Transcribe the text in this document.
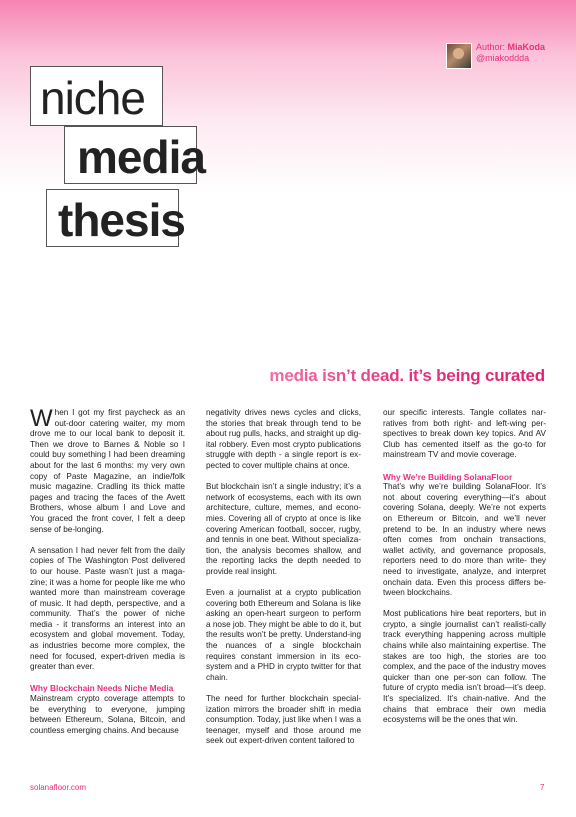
Author: MiaKoda
@miakoddda
niche
media
thesis
media isn’t dead. it’s being curated

When I got my first paycheck as an out-door catering waiter, my mom drove me to our local bank to deposit it. Then we drove to Barnes & Noble so I could buy something I had been dreaming about for the last 6 months: my very own copy of Paste Magazine, an indie/folk music magazine. Cradling its thick matte pages and tracing the faces of the Avett Brothers, whose album I and Love and You graced the front cover, I felt a deep sense of be-longing.

A sensation I had never felt from the daily copies of The Washington Post delivered to our house. Paste wasn’t just a maga-zine; it was a home for people like me who wanted more than mainstream coverage of music. It had depth, perspective, and a community. That’s the power of niche media - it transforms an interest into an ecosystem and global movement. Today, as industries become more complex, the need for focused, expert-driven media is greater than ever.

Why Blockchain Needs Niche Media

Mainstream crypto coverage attempts to be everything to everyone, jumping between Ethereum, Solana, Bitcoin, and countless emerging chains. And because

negativity drives news cycles and clicks, the stories that break through tend to be about rug pulls, hacks, and straight up dig-ital robbery. Even most crypto publications struggle with depth - a single report is ex-pected to cover multiple chains at once.

But blockchain isn’t a single industry; it’s a network of ecosystems, each with its own architecture, culture, memes, and econo-mies. Covering all of crypto at once is like covering American football, soccer, rugby, and tennis in one beat. Without specializa-tion, the analysis becomes shallow, and the reporting lacks the depth needed to provide real insight.

Even a journalist at a crypto publication covering both Ethereum and Solana is like asking an open-heart surgeon to perform a nose job. They might be able to do it, but the results won’t be pretty. Understand-ing the nuances of a single blockchain requires constant immersion in its eco-system and a PHD in crypto twitter for that chain.

The need for further blockchain special-ization mirrors the broader shift in media consumption. Today, just like when I was a teenager, myself and those around me seek out expert-driven content tailored to

our specific interests. Tangle collates nar-ratives from both right- and left-wing per-spectives to break down key topics. And AV Club has cemented itself as the go-to for mainstream TV and movie coverage.

Why We’re Building SolanaFloor

That’s why we’re building SolanaFloor. It’s not about covering everything—it’s about covering Solana, deeply. We’re not experts on Ethereum or Bitcoin, and we’ll never pretend to be. In an industry where news often comes from onchain transactions, wallet activity, and governance proposals, reporters need to do more than write- they need to investigate, analyze, and interpret onchain data. Even this process differs be-tween blockchains.

Most publications hire beat reporters, but in crypto, a single journalist can’t realisti-cally track everything happening across multiple chains while also maintaining expertise. The stakes are too high, the stories are too complex, and the pace of the industry moves quicker than one per-son can follow. The future of crypto media isn’t broad—it’s deep. It’s specialized. It’s chain-native. And the chains that embrace their own media ecosystems will be the ones that win.

solanafloor.com	7
